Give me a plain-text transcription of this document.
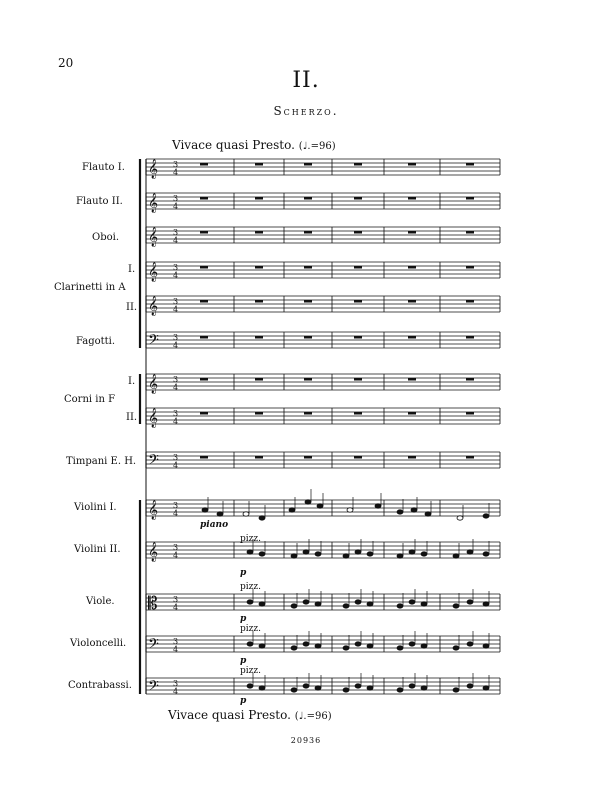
20
II.
Scherzo.
Vivace quasi Presto. (♩.=96)
Flauto I.
Flauto II.
Oboi.
I.
Clarinetti in A
II.
Fagotti.
I.
Corni in F
II.
Timpani E. H.
Violini I.
Violini II.
Viole.
Violoncelli.
Contrabassi.
𝄞 3
4
𝄞 3
4
𝄞 3
4
𝄞 3
4
𝄞 3
4
𝄢 3
4
𝄞 3
4
𝄞 3
4
𝄢 3
4
𝄞 3
4
𝄞 3
4
𝄡 3
4
𝄢 3
4
𝄢 3
4
piano
pizz.
p
pizz.
p
pizz.
p
pizz.
p
Vivace quasi Presto. (♩.=96)
20936
